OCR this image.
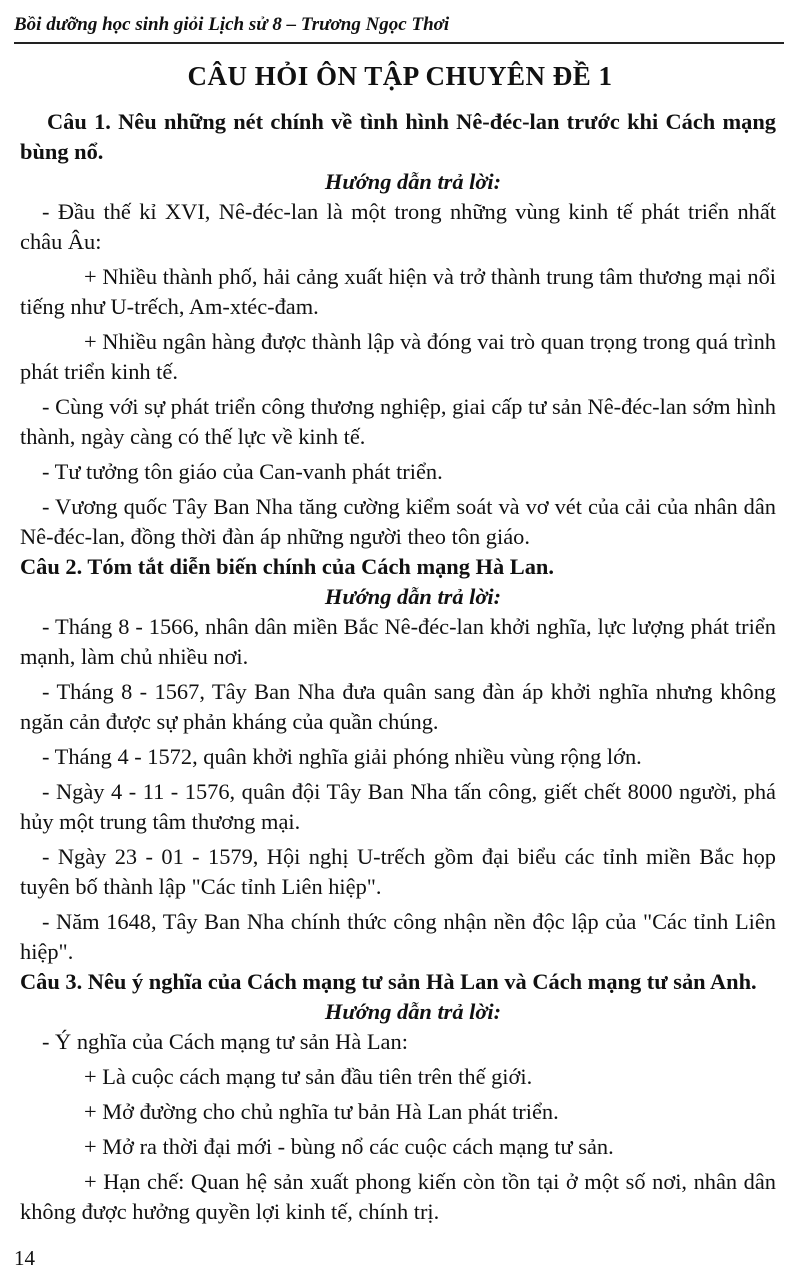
Bồi dưỡng học sinh giỏi Lịch sử 8 – Trương Ngọc Thơi
CÂU HỎI ÔN TẬP CHUYÊN ĐỀ 1

Câu 1. Nêu những nét chính về tình hình Nê-đéc-lan trước khi Cách mạng bùng nổ.

Hướng dẫn trả lời:

- Đầu thế kỉ XVI, Nê-đéc-lan là một trong những vùng kinh tế phát triển nhất châu Âu:

+ Nhiều thành phố, hải cảng xuất hiện và trở thành trung tâm thương mại nổi tiếng như U-trếch, Am-xtéc-đam.

+ Nhiều ngân hàng được thành lập và đóng vai trò quan trọng trong quá trình phát triển kinh tế.

- Cùng với sự phát triển công thương nghiệp, giai cấp tư sản Nê-đéc-lan sớm hình thành, ngày càng có thế lực về kinh tế.

- Tư tưởng tôn giáo của Can-vanh phát triển.

- Vương quốc Tây Ban Nha tăng cường kiểm soát và vơ vét của cải của nhân dân Nê-đéc-lan, đồng thời đàn áp những người theo tôn giáo.

Câu 2. Tóm tắt diễn biến chính của Cách mạng Hà Lan.

Hướng dẫn trả lời:

- Tháng 8 - 1566, nhân dân miền Bắc Nê-đéc-lan khởi nghĩa, lực lượng phát triển mạnh, làm chủ nhiều nơi.

- Tháng 8 - 1567, Tây Ban Nha đưa quân sang đàn áp khởi nghĩa nhưng không ngăn cản được sự phản kháng của quần chúng.

- Tháng 4 - 1572, quân khởi nghĩa giải phóng nhiều vùng rộng lớn.

- Ngày 4 - 11 - 1576, quân đội Tây Ban Nha tấn công, giết chết 8000 người, phá hủy một trung tâm thương mại.

- Ngày 23 - 01 - 1579, Hội nghị U-trếch gồm đại biểu các tỉnh miền Bắc họp tuyên bố thành lập "Các tỉnh Liên hiệp".

- Năm 1648, Tây Ban Nha chính thức công nhận nền độc lập của "Các tỉnh Liên hiệp".

Câu 3. Nêu ý nghĩa của Cách mạng tư sản Hà Lan và Cách mạng tư sản Anh.

Hướng dẫn trả lời:

- Ý nghĩa của Cách mạng tư sản Hà Lan:

+ Là cuộc cách mạng tư sản đầu tiên trên thế giới.

+ Mở đường cho chủ nghĩa tư bản Hà Lan phát triển.

+ Mở ra thời đại mới - bùng nổ các cuộc cách mạng tư sản.

+ Hạn chế: Quan hệ sản xuất phong kiến còn tồn tại ở một số nơi, nhân dân không được hưởng quyền lợi kinh tế, chính trị.

14
